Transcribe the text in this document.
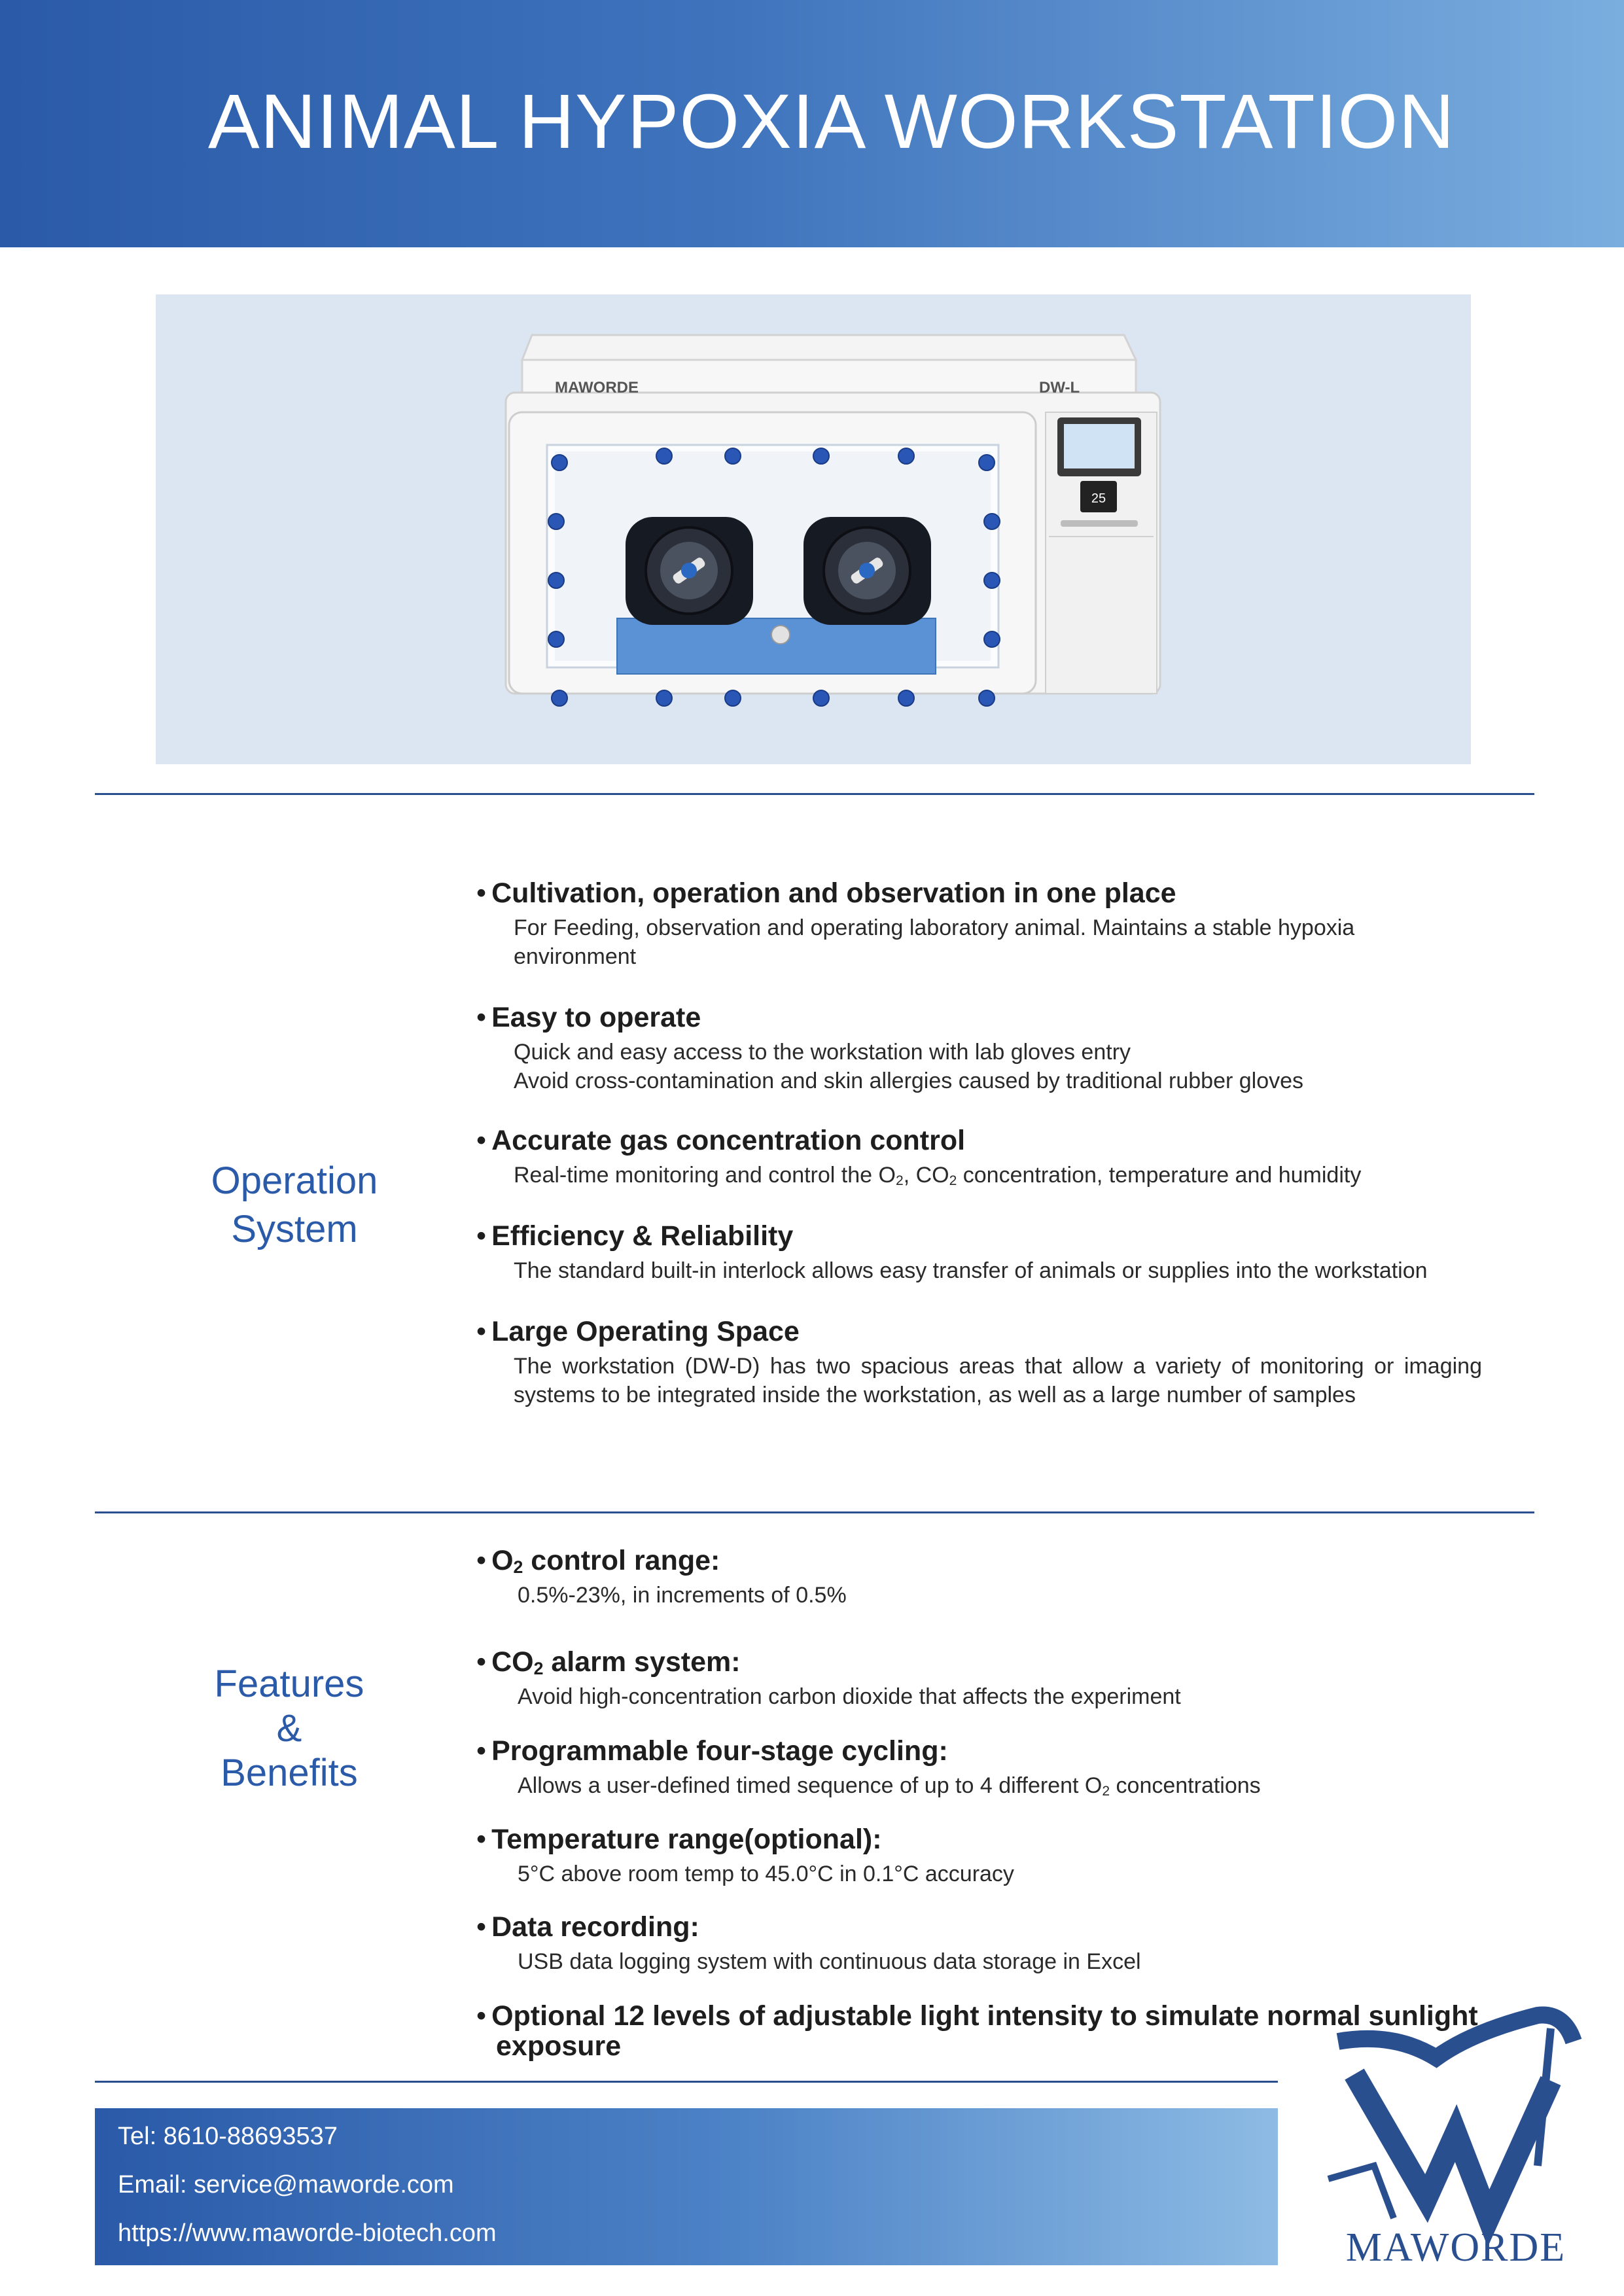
ANIMAL HYPOXIA WORKSTATION
25
MAWORDE	DW-L
Operation
System
• Cultivation, operation and observation in one place
For Feeding, observation and operating laboratory animal. Maintains a stable hypoxia
environment
• Easy to operate
Quick and easy access to the workstation with lab gloves entry
Avoid cross-contamination and skin allergies caused by traditional rubber gloves
• Accurate gas concentration control
Real-time monitoring and control the $O_2$, $CO_2$ concentration, temperature and humidity
• Efficiency & Reliability
The standard built-in interlock allows easy transfer of animals or supplies into the workstation
• Large Operating Space
The workstation (DW-D) has two spacious areas that allow a variety of monitoring or imaging systems to be integrated inside the workstation, as well as a large number of samples
Features
&
Benefits
• $O_2$ control range:
0.5%-23%, in increments of 0.5%
• $CO_2$ alarm system:
Avoid high-concentration carbon dioxide that affects the experiment
• Programmable four-stage cycling:
Allows a user-defined timed sequence of up to 4 different $O_2$ concentrations
• Temperature range(optional):
5°C above room temp to 45.0°C in 0.1°C accuracy
• Data recording:
USB data logging system with continuous data storage in Excel
• Optional 12 levels of adjustable light intensity to simulate normal sunlight
exposure
Tel: 8610-88693537
Email: service@maworde.com
https://www.maworde-biotech.com	MAWORDE
